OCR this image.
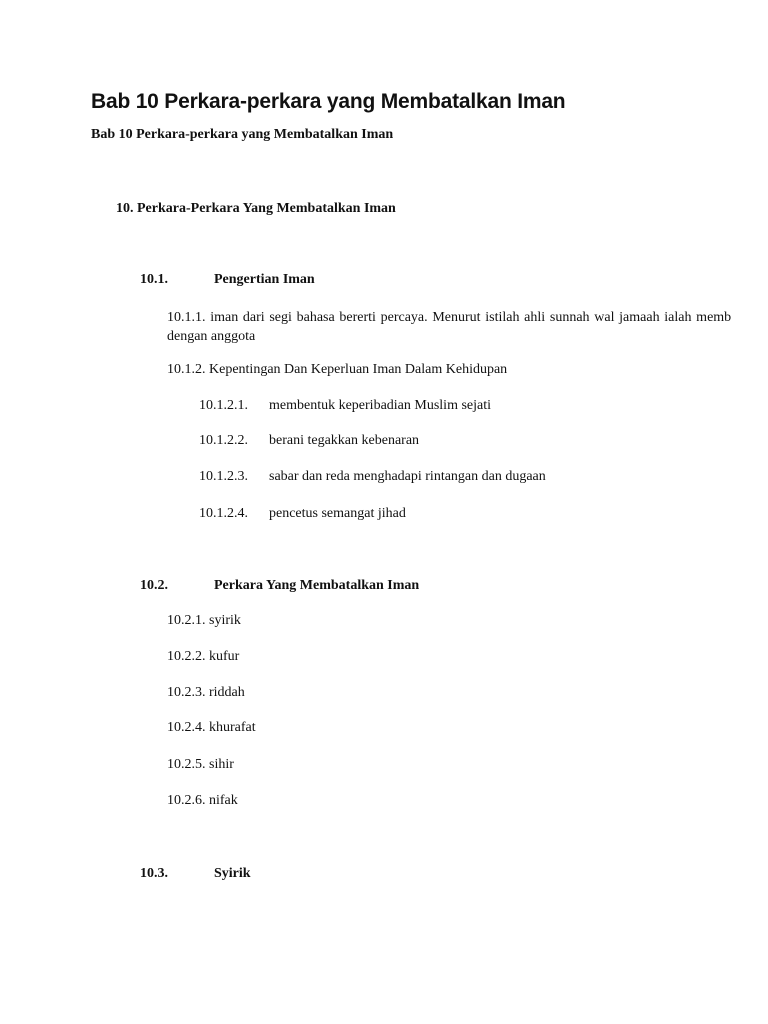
Bab 10 Perkara-perkara yang Membatalkan Iman
Bab 10 Perkara-perkara yang Membatalkan Iman
10. Perkara-Perkara Yang Membatalkan Iman
10.1.	Pengertian Iman
10.1.1. iman dari segi bahasa bererti percaya. Menurut istilah ahli sunnah wal jamaah ialah memb
dengan anggota
10.1.2. Kepentingan Dan Keperluan Iman Dalam Kehidupan
10.1.2.1. membentuk keperibadian Muslim sejati
10.1.2.2. berani tegakkan kebenaran
10.1.2.3. sabar dan reda menghadapi rintangan dan dugaan
10.1.2.4. pencetus semangat jihad
10.2.	Perkara Yang Membatalkan Iman
10.2.1. syirik
10.2.2. kufur
10.2.3. riddah
10.2.4. khurafat
10.2.5. sihir
10.2.6. nifak
10.3.	Syirik
